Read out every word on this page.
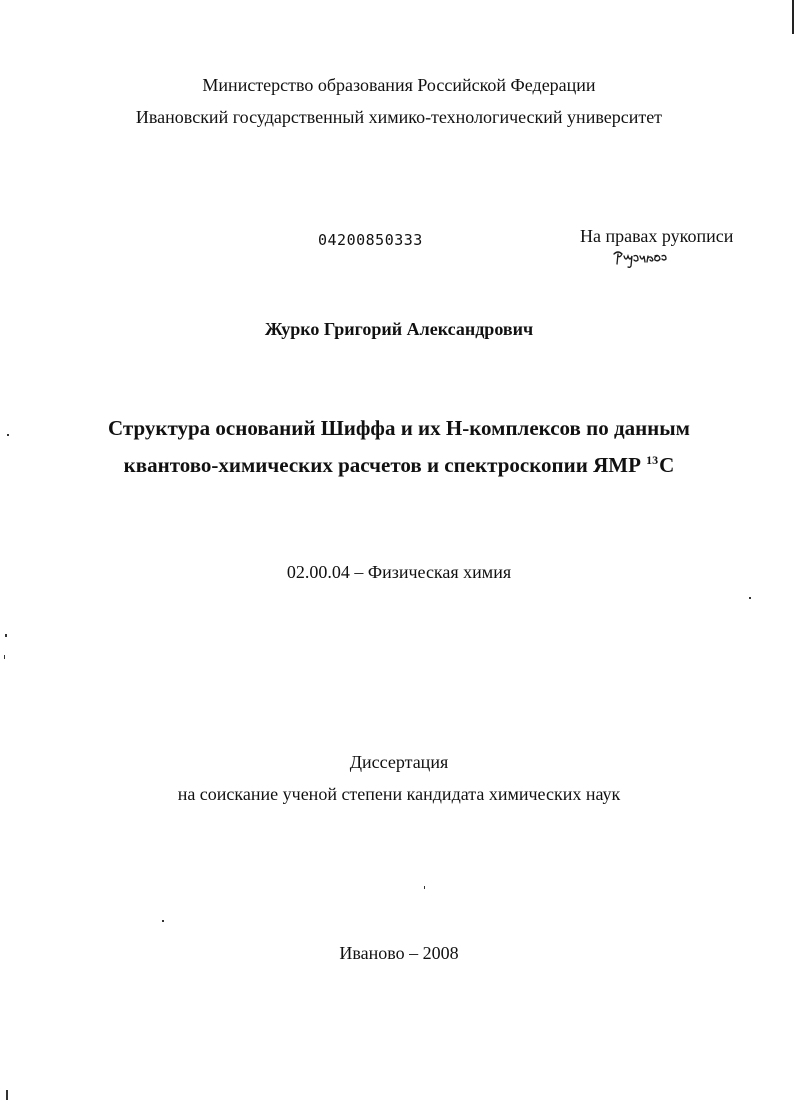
Министерство образования Российской Федерации
Ивановский государственный химико-технологический университет
04200850333	На правах рукописи
Журко Григорий Александрович
Структура оснований Шиффа и их Н-комплексов по данным
квантово-химических расчетов и спектроскопии ЯМР $^{13}$С
02.00.04 – Физическая химия
Диссертация
на соискание ученой степени кандидата химических наук
Иваново – 2008
